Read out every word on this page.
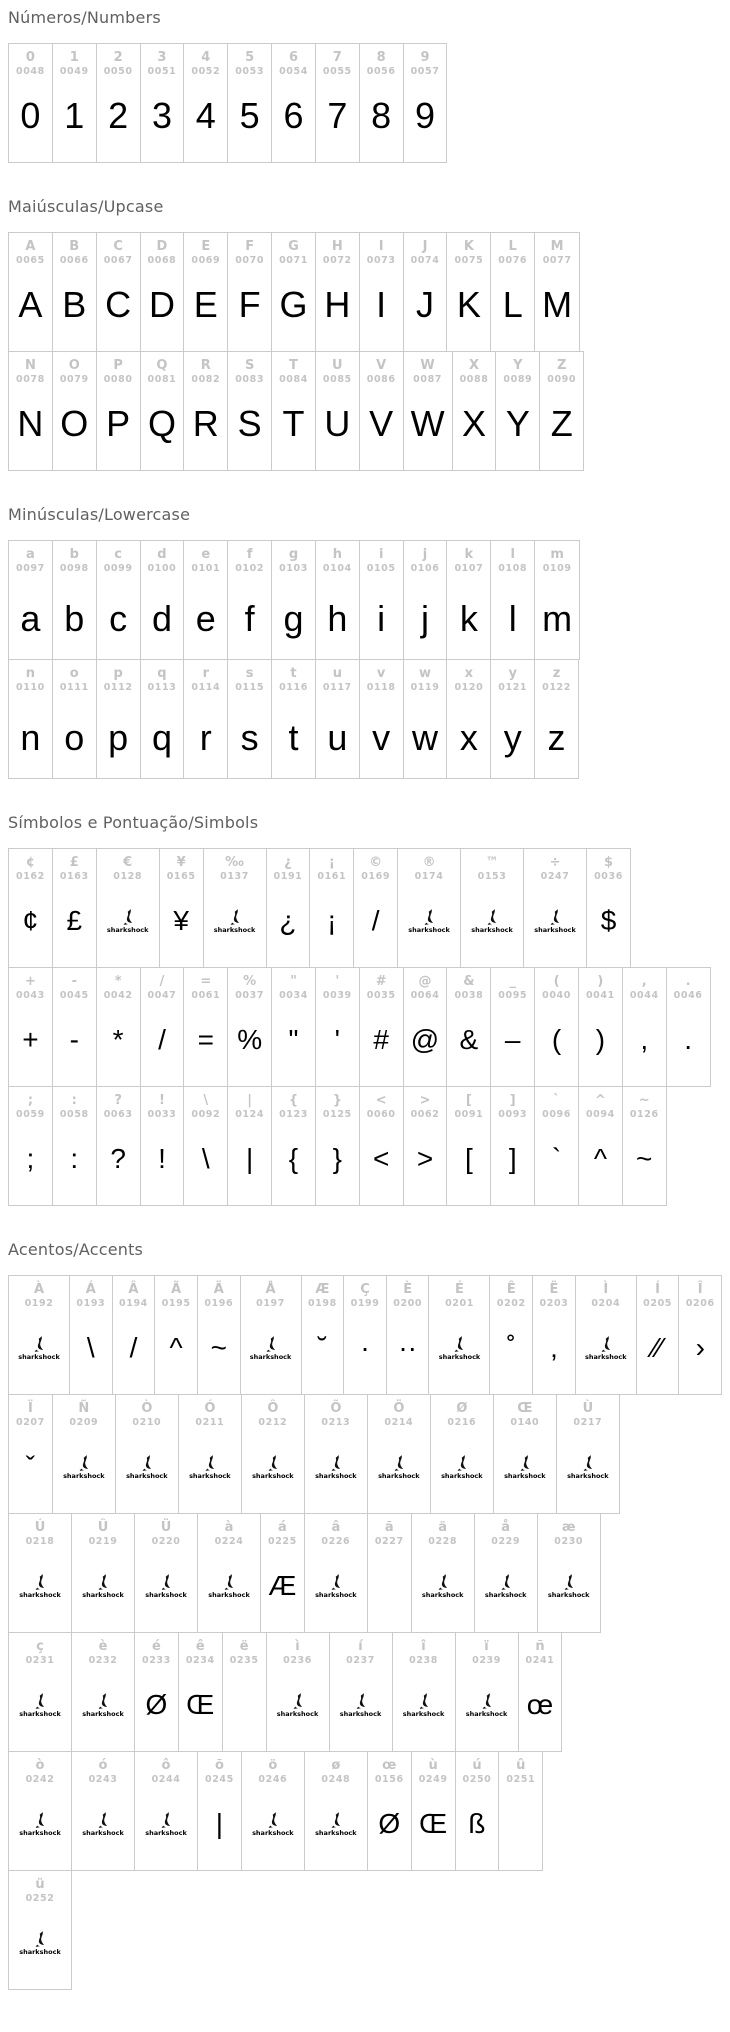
Números/Numbers
0
0048
0
1
0049
1
2
0050
2
3
0051
3
4
0052
4
5
0053
5
6
0054
6
7
0055
7
8
0056
8
9
0057
9
Maiúsculas/Upcase
A
0065
A
B
0066
B
C
0067
C
D
0068
D
E
0069
E
F
0070
F
G
0071
G
H
0072
H
I
0073
I
J
0074
J
K
0075
K
L
0076
L
M
0077
M
N
0078
N
O
0079
O
P
0080
P
Q
0081
Q
R
0082
R
S
0083
S
T
0084
T
U
0085
U
V
0086
V
W
0087
W
X
0088
X
Y
0089
Y
Z
0090
Z
Minúsculas/Lowercase
a
0097
a
b
0098
b
c
0099
c
d
0100
d
e
0101
e
f
0102
f
g
0103
g
h
0104
h
i
0105
i
j
0106
j
k
0107
k
l
0108
l
m
0109
m
n
0110
n
o
0111
o
p
0112
p
q
0113
q
r
0114
r
s
0115
s
t
0116
t
u
0117
u
v
0118
v
w
0119
w
x
0120
x
y
0121
y
z
0122
z
Símbolos e Pontuação/Simbols
¢
0162
¢
£
0163
£
€
0128
sharkshock
¥
0165
¥
‰
0137
sharkshock
¿
0191
¿
¡
0161
¡
©
0169
/
®
0174
sharkshock
™
0153
sharkshock
÷
0247
sharkshock
$
0036
$
+
0043
+
-
0045
-
*
0042
*
/
0047
/
=
0061
=
%
0037
%
"
0034
"
'
0039
'
#
0035
#
@
0064
@
&
0038
&
_
0095
–
(
0040
(
)
0041
)
,
0044
,
.
0046
.
;
0059
;
:
0058
:
?
0063
?
!
0033
!
\
0092
\
|
0124
|
{
0123
{
}
0125
}
<
0060
<
>
0062
>
[
0091
[
]
0093
]
`
0096
`
^
0094
^
~
0126
~
Acentos/Accents
À
0192
sharkshock
Á
0193
\
Â
0194
/
Ã
0195
^
Ä
0196
~
Å
0197
sharkshock
Æ
0198
˘
Ç
0199
·
È
0200
··
É
0201
sharkshock
Ê
0202
˚
Ë
0203
‚
Ì
0204
sharkshock
Í
0205
⁄⁄
Î
0206
›
Ï
0207
ˇ
Ñ
0209
sharkshock
Ò
0210
sharkshock
Ó
0211
sharkshock
Ô
0212
sharkshock
Õ
0213
sharkshock
Ö
0214
sharkshock
Ø
0216
sharkshock
Œ
0140
sharkshock
Ù
0217
sharkshock
Ú
0218
sharkshock
Û
0219
sharkshock
Ü
0220
sharkshock
à
0224
sharkshock
á
0225
Æ
â
0226
sharkshock
ã
0227
ä
0228
sharkshock
å
0229
sharkshock
æ
0230
sharkshock
ç
0231
sharkshock
è
0232
sharkshock
é
0233
Ø
ê
0234
Œ
ë
0235
ì
0236
sharkshock
í
0237
sharkshock
î
0238
sharkshock
ï
0239
sharkshock
ñ
0241
œ
ò
0242
sharkshock
ó
0243
sharkshock
ô
0244
sharkshock
õ
0245
|
ö
0246
sharkshock
ø
0248
sharkshock
œ
0156
Ø
ù
0249
Œ
ú
0250
ß
û
0251
ü
0252
sharkshock
